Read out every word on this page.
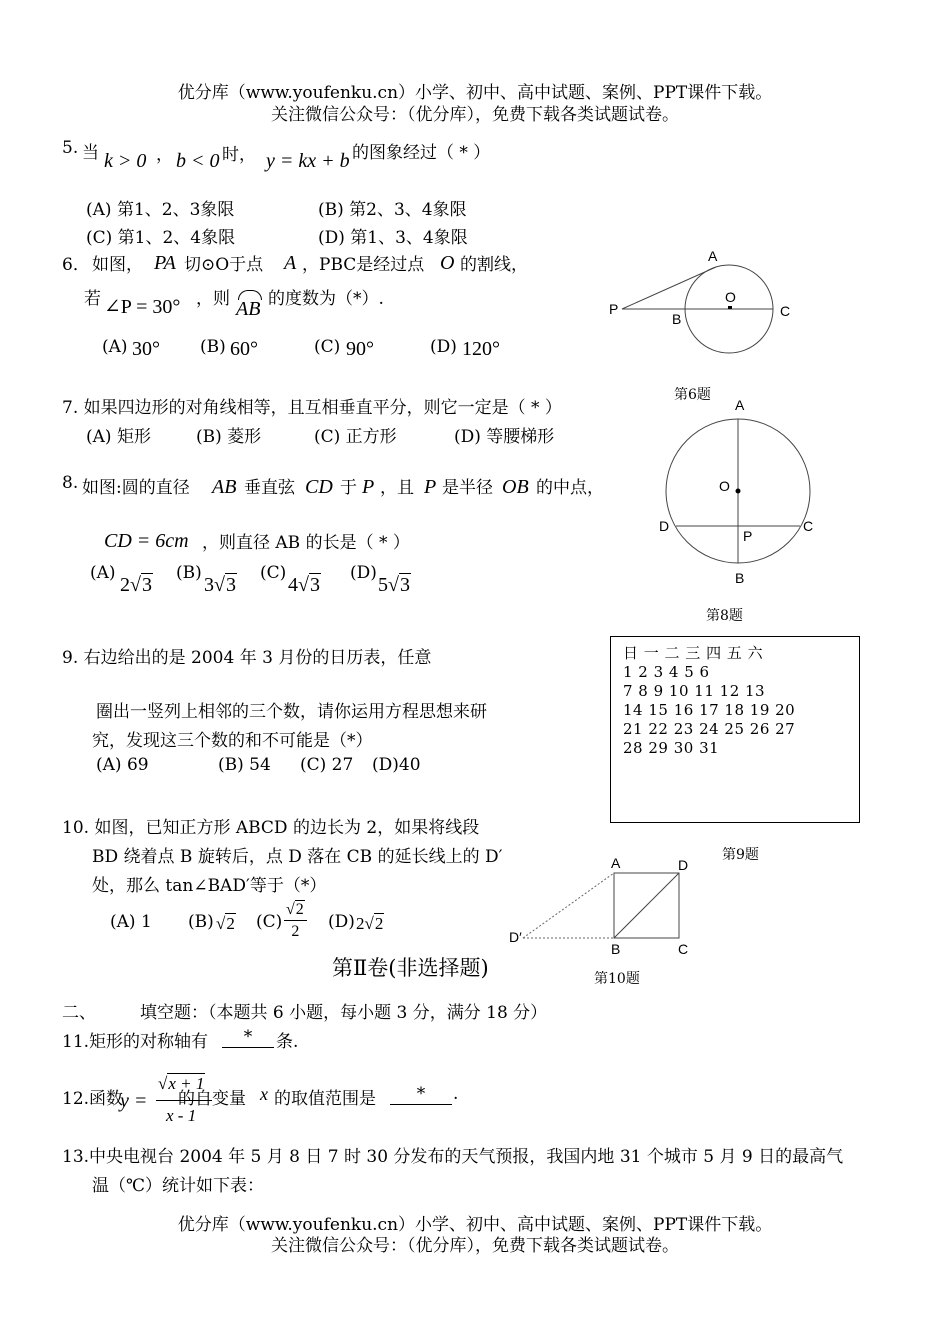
优分库（www.youfenku.cn）小学、初中、高中试题、案例、PPT课件下载。
关注微信公众号：（优分库），免费下载各类试题试卷。
5. 当 k > 0 ， b < 0 时， y = kx + b 的图象经过（ * ）
(A) 第1、2、3象限	(B) 第2、3、4象限
(C) 第1、2、4象限	(D) 第1、3、4象限
6． 如图， PA 切⊙O于点 A ，PBC是经过点 O 的割线，
若 ∠P = 30° ，则 AB 的度数为（*）.
(A) 30° (B) 60°	(C) 90°	(D) 120°
A
O
P
B	C
第6题
7. 如果四边形的对角线相等，且互相垂直平分，则它一定是（ * ）
(A) 矩形	(B) 菱形	(C) 正方形	(D) 等腰梯形
8. 如图:圆的直径 AB 垂直弦 CD 于 P ，且 P 是半径 OB 的中点，
CD = 6cm ，则直径 AB 的长是（ * ）
(A)
2√3
(B)
3√3
(C)
4√3
(D)
5√3
A
O
D	C
P
B
第8题
9. 右边给出的是 2004 年 3 月份的日历表，任意
圈出一竖列上相邻的三个数，请你运用方程思想来研
究，发现这三个数的和不可能是（*）
(A) 69	(B) 54 (C) 27 (D)40
日 一 二 三 四 五 六
1 2 3 4 5 6
7 8 9 10 11 12 13
14 15 16 17 18 19 20
21 22 23 24 25 26 27
28 29 30 31
第9题
10. 如图，已知正方形 ABCD 的边长为 2，如果将线段
BD 绕着点 B 旋转后，点 D 落在 CB 的延长线上的 D′
处，那么 tan∠BAD′等于（*）
(A) 1 (B) √2 $(C) \frac{√2}{2} (D)$ 2√2
A	D
D′
B	C
第10题
第Ⅱ卷(非选择题)
二、	填空题：（本题共 6 小题，每小题 3 分，满分 18 分）
11.矩形的对称轴有	*	条.
12.函数
y =
√x + 1
x - 1
的自变量 x 的取值范围是	*	.
13.中央电视台 2004 年 5 月 8 日 7 时 30 分发布的天气预报，我国内地 31 个城市 5 月 9 日的最高气
温（℃）统计如下表：
优分库（www.youfenku.cn）小学、初中、高中试题、案例、PPT课件下载。
关注微信公众号：（优分库），免费下载各类试题试卷。
